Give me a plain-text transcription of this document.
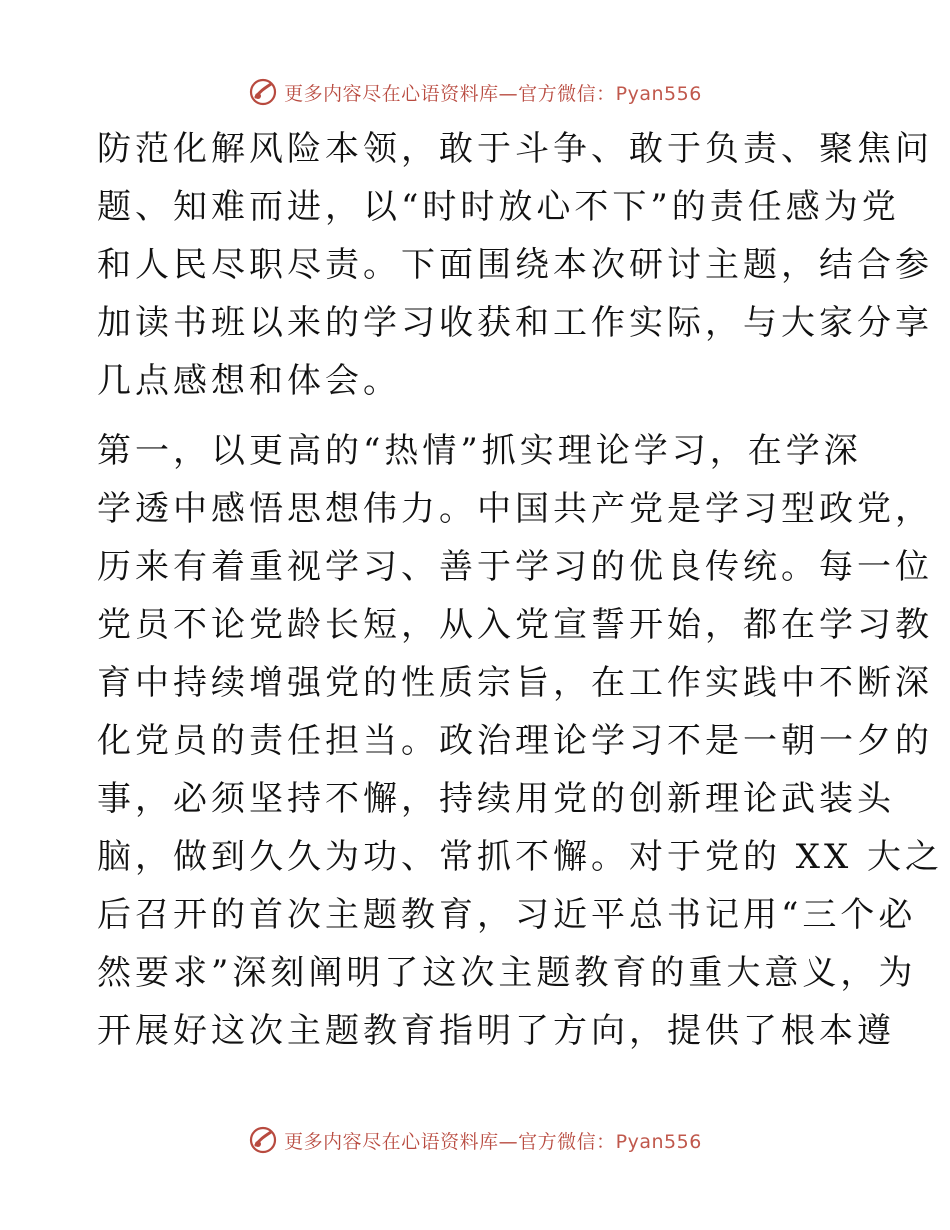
更多内容尽在心语资料库—官方微信：Pyan556
防范化解风险本领，敢于斗争、敢于负责、聚焦问
题、知难而进，以“时时放心不下”的责任感为党
和人民尽职尽责。下面围绕本次研讨主题，结合参
加读书班以来的学习收获和工作实际，与大家分享
几点感想和体会。
第一，以更高的“热情”抓实理论学习，在学深
学透中感悟思想伟力。中国共产党是学习型政党，
历来有着重视学习、善于学习的优良传统。每一位
党员不论党龄长短，从入党宣誓开始，都在学习教
育中持续增强党的性质宗旨，在工作实践中不断深
化党员的责任担当。政治理论学习不是一朝一夕的
事，必须坚持不懈，持续用党的创新理论武装头
脑，做到久久为功、常抓不懈。对于党的 XX 大之
后召开的首次主题教育，习近平总书记用“三个必
然要求”深刻阐明了这次主题教育的重大意义，为
开展好这次主题教育指明了方向，提供了根本遵
更多内容尽在心语资料库—官方微信：Pyan556
